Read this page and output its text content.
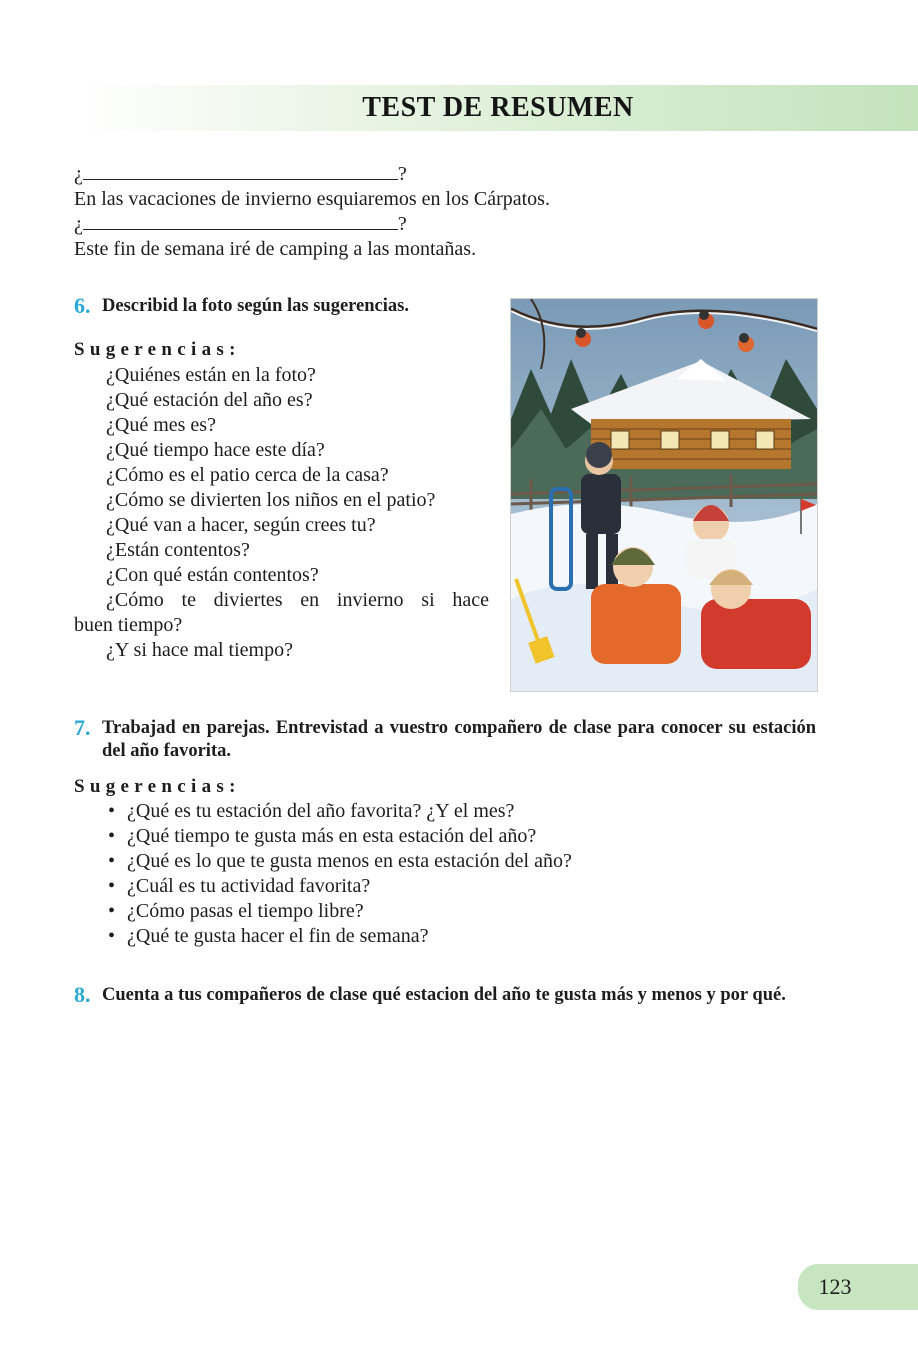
TEST DE RESUMEN
¿	?
En las vacaciones de invierno esquiaremos en los Cárpatos.
¿	?
Este fin de semana iré de camping a las montañas.
6. Describid la foto según las sugerencias.
Sugerencias:
¿Quiénes están en la foto?
¿Qué estación del año es?
¿Qué mes es?
¿Qué tiempo hace este día?
¿Cómo es el patio cerca de la casa?
¿Cómo se divierten los niños en el patio?
¿Qué van a hacer, según crees tu?
¿Están contentos?
¿Con qué están contentos?
¿Cómo te diviertes en invierno si hace
buen tiempo?
¿Y si hace mal tiempo?
7. Trabajad en parejas. Entrevistad a vuestro compañero de clase para conocer su estación del año favorita.
Sugerencias:
• ¿Qué es tu estación del año favorita? ¿Y el mes?
• ¿Qué tiempo te gusta más en esta estación del año?
• ¿Qué es lo que te gusta menos en esta estación del año?
• ¿Cuál es tu actividad favorita?
• ¿Cómo pasas el tiempo libre?
• ¿Qué te gusta hacer el fin de semana?
8. Cuenta a tus compañeros de clase qué estacion del año te gusta más y menos y por qué.
123
